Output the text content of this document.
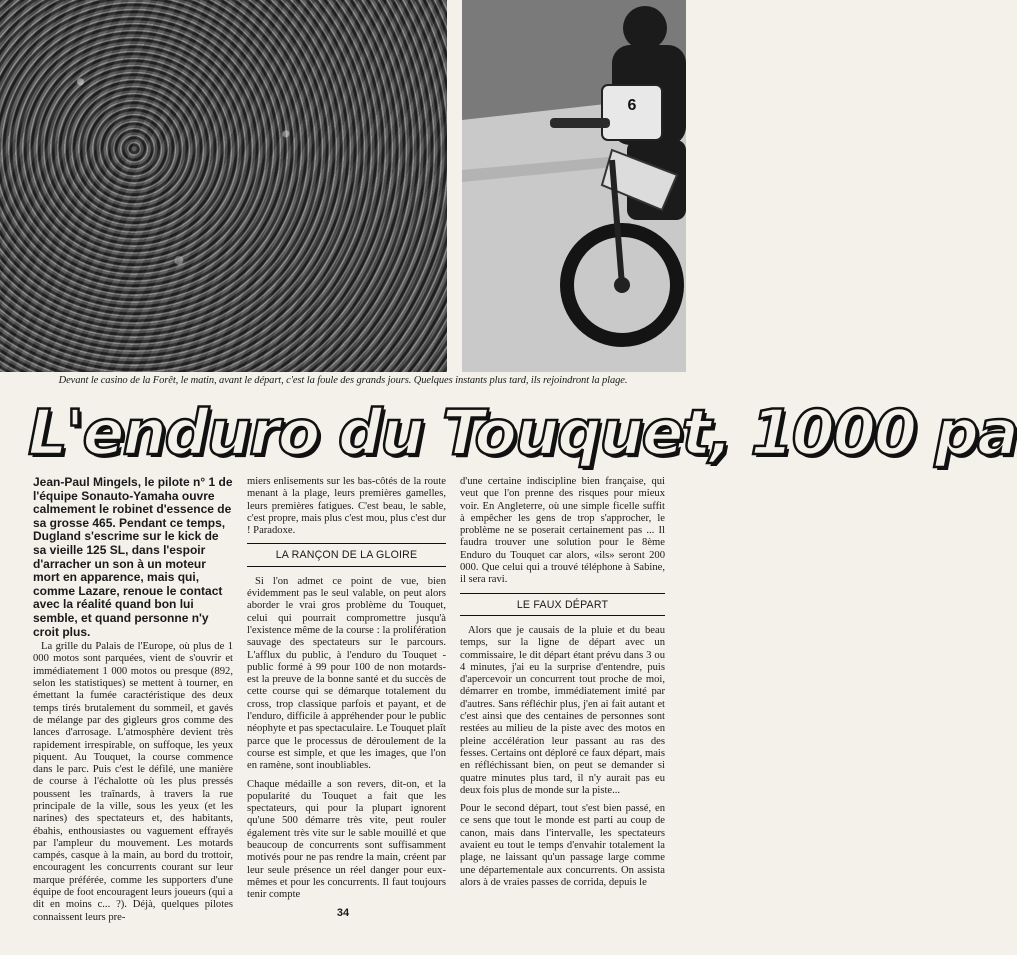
6
Devant le casino de la Forêt, le matin, avant le départ, c'est la foule des grands jours. Quelques instants plus tard, ils rejoindront la plage.
L'enduro du Touquet, 1000 pa
Jean-Paul Mingels, le pilote n° 1 de l'équipe Sonauto-Yamaha ouvre calmement le robinet d'essence de sa grosse 465. Pendant ce temps, Dugland s'escrime sur le kick de sa vieille 125 SL, dans l'espoir d'arracher un son à un moteur mort en apparence, mais qui, comme Lazare, renoue le contact avec la réalité quand bon lui semble, et quand personne n'y croit plus.

La grille du Palais de l'Europe, où plus de 1 000 motos sont parquées, vient de s'ouvrir et immédiatement 1 000 motos ou presque (892, selon les statistiques) se mettent à tourner, en émettant la fumée caractéristique des deux temps tirés brutalement du sommeil, et gavés de mélange par des gigleurs gros comme des lances d'arrosage. L'atmosphère devient très rapidement irrespirable, on suffoque, les yeux piquent. Au Touquet, la course commence dans le parc. Puis c'est le défilé, une manière de course à l'échalotte où les plus pressés poussent les traînards, à travers la rue principale de la ville, sous les yeux (et les narines) des spectateurs et, des habitants, ébahis, enthousiastes ou vaguement effrayés par l'ampleur du mouvement. Les motards campés, casque à la main, au bord du trottoir, encouragent les concurrents courant sur leur marque préférée, comme les supporters d'une équipe de foot encouragent leurs joueurs (qui a dit en moins c... ?). Déjà, quelques pilotes connaissent leurs pre-

miers enlisements sur les bas-côtés de la route menant à la plage, leurs premières gamelles, leurs premières fatigues. C'est beau, le sable, c'est propre, mais plus c'est mou, plus c'est dur ! Paradoxe.

LA RANÇON DE LA GLOIRE

Si l'on admet ce point de vue, bien évidemment pas le seul valable, on peut alors aborder le vrai gros problème du Touquet, celui qui pourrait compromettre jusqu'à l'existence même de la course : la prolifération sauvage des spectateurs sur le parcours. L'afflux du public, à l'enduro du Touquet -public formé à 99 pour 100 de non motards- est la preuve de la bonne santé et du succès de cette course qui se démarque totalement du cross, trop classique parfois et payant, et de l'enduro, difficile à appréhender pour le public néophyte et pas spectaculaire. Le Touquet plaît parce que le processus de déroulement de la course est simple, et que les images, que l'on en ramène, sont inoubliables.

Chaque médaille a son revers, dit-on, et la popularité du Touquet a fait que les spectateurs, qui pour la plupart ignorent qu'une 500 démarre très vite, peut rouler également très vite sur le sable mouillé et que beaucoup de concurrents sont suffisamment motivés pour ne pas rendre la main, créent par leur seule présence un réel danger pour eux-mêmes et pour les concurrents. Il faut toujours tenir compte

d'une certaine indiscipline bien française, qui veut que l'on prenne des risques pour mieux voir. En Angleterre, où une simple ficelle suffit à empêcher les gens de trop s'approcher, le problème ne se poserait certainement pas ... Il faudra trouver une solution pour le 8ème Enduro du Touquet car alors, «ils» seront 200 000. Que celui qui a trouvé téléphone à Sabine, il sera ravi.

LE FAUX DÉPART

Alors que je causais de la pluie et du beau temps, sur la ligne de départ avec un commissaire, le dit départ étant prévu dans 3 ou 4 minutes, j'ai eu la surprise d'entendre, puis d'apercevoir un concurrent tout proche de moi, démarrer en trombe, immédiatement imité par d'autres. Sans réfléchir plus, j'en ai fait autant et c'est ainsi que des centaines de personnes sont restées au milieu de la piste avec des motos en pleine accélération leur passant au ras des fesses. Certains ont déploré ce faux départ, mais en réfléchissant bien, on peut se demander si quatre minutes plus tard, il n'y aurait pas eu deux fois plus de monde sur la piste...

Pour le second départ, tout s'est bien passé, en ce sens que tout le monde est parti au coup de canon, mais dans l'intervalle, les spectateurs avaient eu tout le temps d'envahir totalement la plage, ne laissant qu'un passage large comme une départementale aux concurrents. On assista alors à de vraies passes de corrida, depuis le

34
